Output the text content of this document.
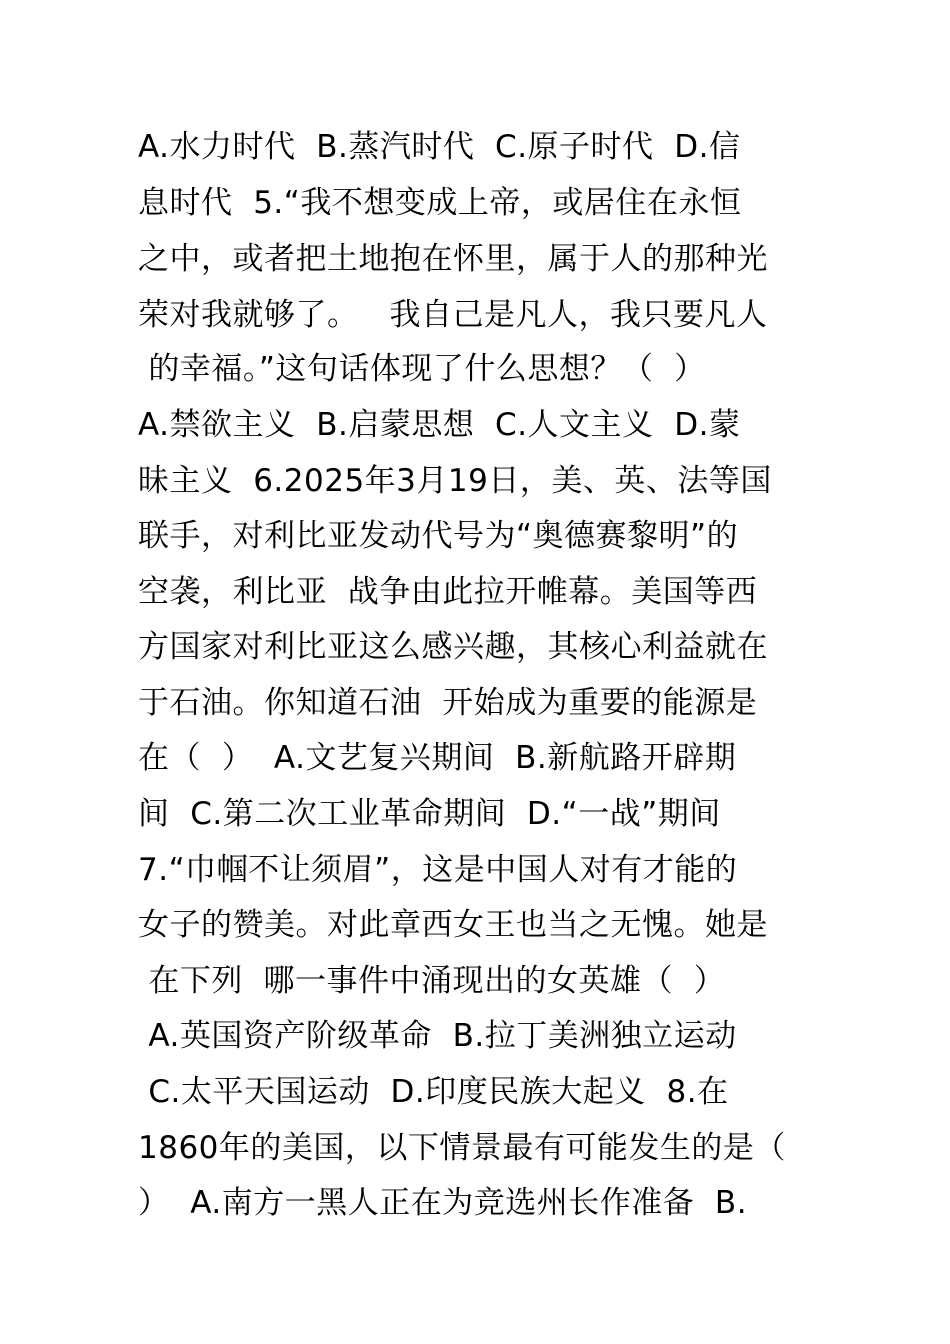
A.水力时代  B.蒸汽时代  C.原子时代  D.信
息时代  5.“我不想变成上帝，或居住在永恒
之中，或者把土地抱在怀里，属于人的那种光
荣对我就够了。   我自己是凡人，我只要凡人
的幸福。”这句话体现了什么思想？（  ）
A.禁欲主义  B.启蒙思想  C.人文主义  D.蒙
昧主义  6.2025年3月19日，美、英、法等国
联手，对利比亚发动代号为“奥德赛黎明”的
空袭，利比亚  战争由此拉开帷幕。美国等西
方国家对利比亚这么感兴趣，其核心利益就在
于石油。你知道石油  开始成为重要的能源是
在（  ）  A.文艺复兴期间  B.新航路开辟期
间  C.第二次工业革命期间  D.“一战”期间
7.“巾帼不让须眉”，这是中国人对有才能的
女子的赞美。对此章西女王也当之无愧。她是
在下列  哪一事件中涌现出的女英雄（  ）
A.英国资产阶级革命  B.拉丁美洲独立运动
C.太平天国运动  D.印度民族大起义  8.在
1860年的美国，以下情景最有可能发生的是（
）  A.南方一黑人正在为竞选州长作准备  B.
